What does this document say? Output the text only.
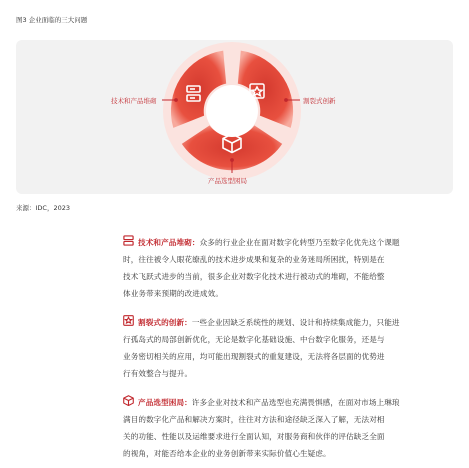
图3 企业面临的三大问题
技术和产品堆砌	割裂式创新
产品选型困局
来源：IDC，2023
技术和产品堆砌：众多的行业企业在面对数字化转型乃至数字化优先这个课题
时，往往被令人眼花缭乱的技术进步成果和复杂的业务迷局所困扰，特别是在
技术飞跃式进步的当前，很多企业对数字化技术进行被动式的堆砌，不能给整
体业务带来预期的改进成效。
割裂式的创新：一些企业因缺乏系统性的规划、设计和持续集成能力，只能进
行孤岛式的局部创新优化，无论是数字化基础设施、中台数字化服务，还是与
业务密切相关的应用，均可能出现割裂式的重复建设，无法将各层面的优势进
行有效整合与提升。
产品选型困局：许多企业对技术和产品选型也充满畏惧感，在面对市场上琳琅
满目的数字化产品和解决方案时，往往对方法和途径缺乏深入了解，无法对相
关的功能、性能以及运维要求进行全面认知，对服务商和伙伴的评估缺乏全面
的视角，对能否给本企业的业务创新带来实际价值心生疑虑。
